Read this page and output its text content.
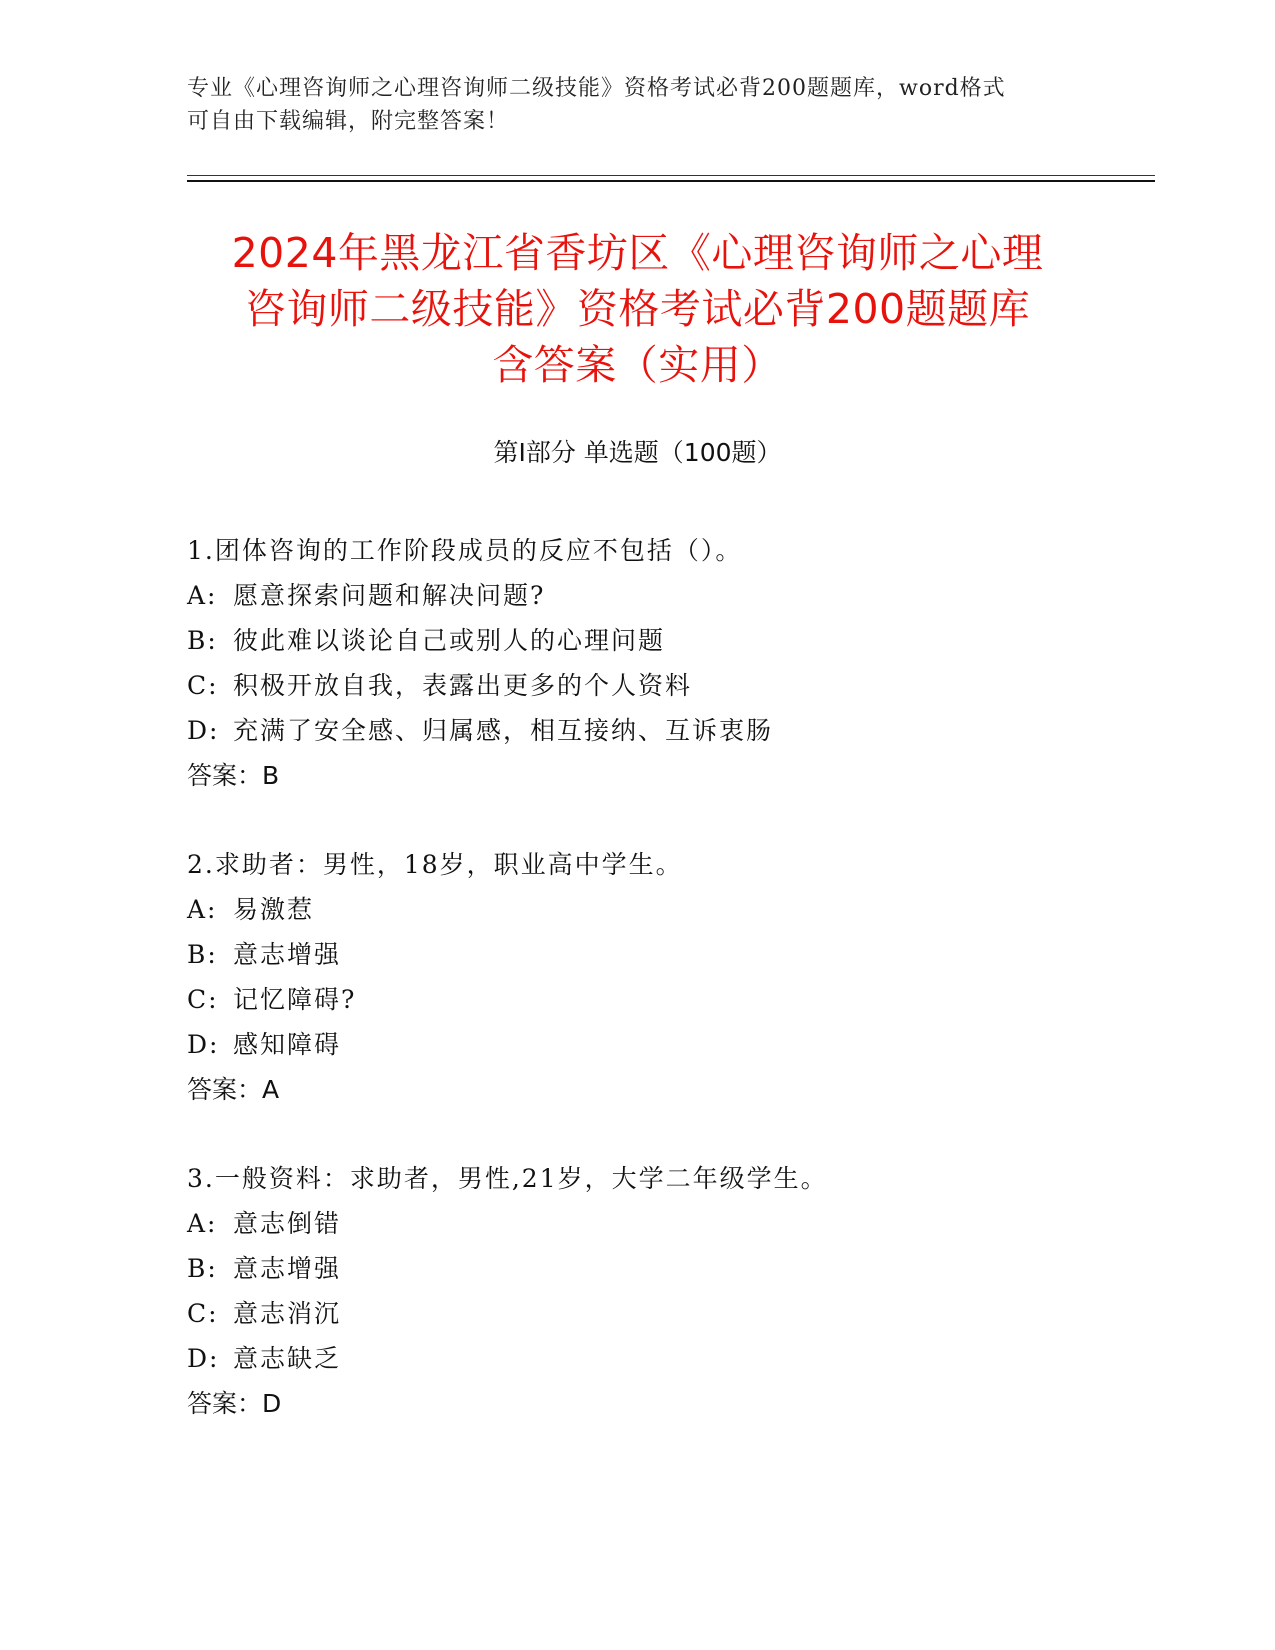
专业《心理咨询师之心理咨询师二级技能》资格考试必背200题题库，word格式
可自由下载编辑，附完整答案！
2024年黑龙江省香坊区《心理咨询师之心理
咨询师二级技能》资格考试必背200题题库
含答案（实用）
第I部分 单选题（100题）
1.团体咨询的工作阶段成员的反应不包括（）。
A: 愿意探索问题和解决问题?
B: 彼此难以谈论自己或别人的心理问题
C: 积极开放自我，表露出更多的个人资料
D: 充满了安全感、归属感，相互接纳、互诉衷肠
答案：B
2.求助者：男性，18岁，职业高中学生。
A: 易激惹
B: 意志增强
C: 记忆障碍?
D: 感知障碍
答案：A
3.一般资料：求助者，男性,21岁，大学二年级学生。
A: 意志倒错
B: 意志增强
C: 意志消沉
D: 意志缺乏
答案：D
